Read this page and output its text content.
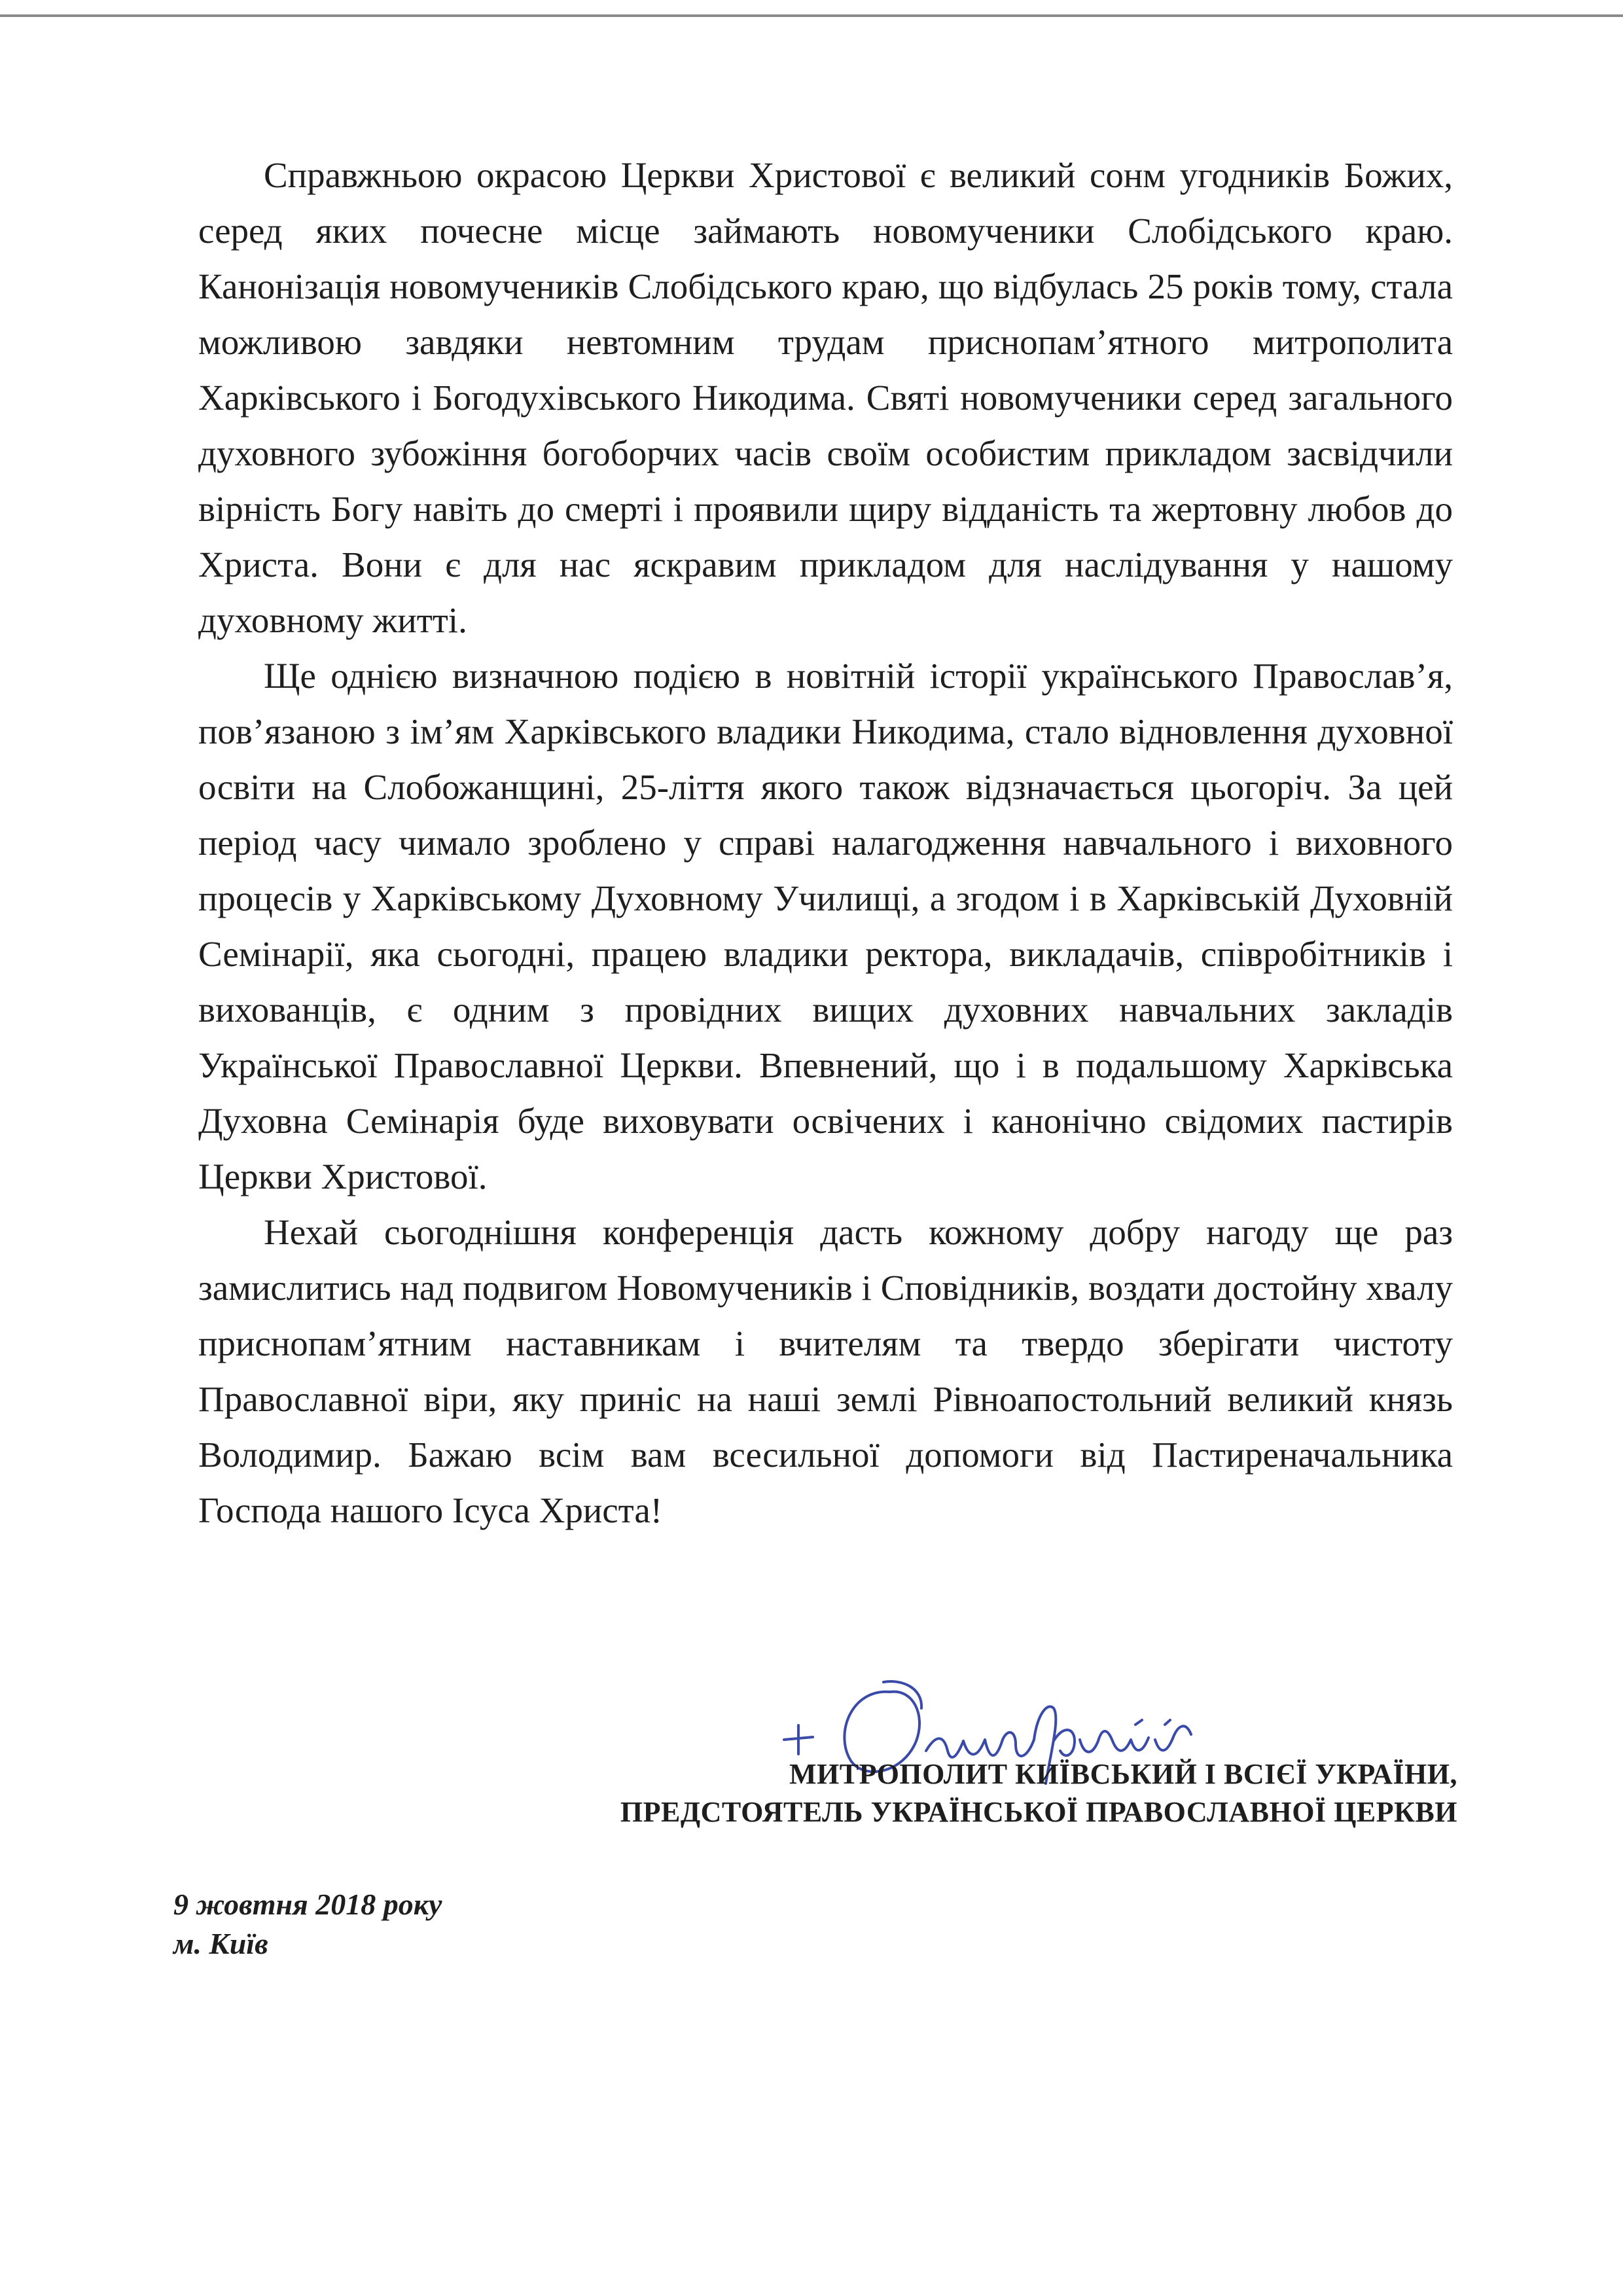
Справжньою окрасою Церкви Христової є великий сонм угодників Божих, серед яких почесне місце займають новомученики Слобідського краю. Канонізація новомучеників Слобідського краю, що відбулась 25 років тому, стала можливою завдяки невтомним трудам приснопам’ятного митрополита Харківського і Богодухівського Никодима. Святі новомученики серед загального духовного зубожіння богоборчих часів своїм особистим прикладом засвідчили вірність Богу навіть до смерті і проявили щиру відданість та жертовну любов до Христа. Вони є для нас яскравим прикладом для наслідування у нашому духовному житті.

Ще однією визначною подією в новітній історії українського Православ’я, пов’язаною з ім’ям Харківського владики Никодима, стало відновлення духовної освіти на Слобожанщині, 25-ліття якого також відзначається цьогоріч. За цей період часу чимало зроблено у справі налагодження навчального і виховного процесів у Харківському Духовному Училищі, а згодом і в Харківській Духовній Семінарії, яка сьогодні, працею владики ректора, викладачів, співробітників і вихованців, є одним з провідних вищих духовних навчальних закладів Української Православної Церкви. Впевнений, що і в подальшому Харківська Духовна Семінарія буде виховувати освічених і канонічно свідомих пастирів Церкви Христової.

Нехай сьогоднішня конференція дасть кожному добру нагоду ще раз замислитись над подвигом Новомучеників і Сповідників, воздати достойну хвалу приснопам’ятним наставникам і вчителям та твердо зберігати чистоту Православної віри, яку приніс на наші землі Рівноапостольний великий князь Володимир. Бажаю всім вам всесильної допомоги від Пастиреначальника Господа нашого Ісуса Христа!

МИТРОПОЛИТ КИЇВСЬКИЙ І ВСІЄЇ УКРАЇНИ,
ПРЕДСТОЯТЕЛЬ УКРАЇНСЬКОЇ ПРАВОСЛАВНОЇ ЦЕРКВИ
9 жовтня 2018 року
м. Київ
